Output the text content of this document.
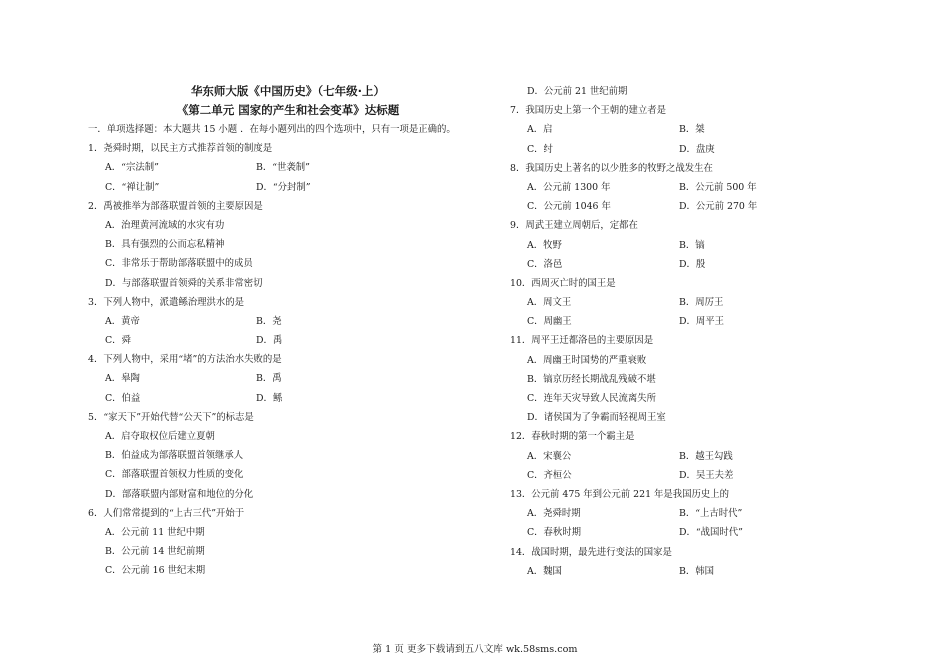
华东师大版《中国历史》（七年级·上）

《第二单元 国家的产生和社会变革》达标题

一．单项选择题：本大题共 15 小题 ．在每小题列出的四个选项中，只有一项是正确的。
1．尧舜时期，以民主方式推荐首领的制度是
A．“宗法制”	B．“世袭制”
C．“禅让制”	D．“分封制”
2．禹被推举为部落联盟首领的主要原因是
A．治理黄河流域的水灾有功
B．具有强烈的公而忘私精神
C．非常乐于帮助部落联盟中的成员
D．与部落联盟首领舜的关系非常密切
3．下列人物中，派遣鲧治理洪水的是
A．黄帝	B．尧
C．舜	D．禹
4．下列人物中，采用“堵”的方法治水失败的是
A．皋陶	B．禹
C．伯益	D．鲧
5．“家天下”开始代替“公天下”的标志是
A．启夺取权位后建立夏朝
B．伯益成为部落联盟首领继承人
C．部落联盟首领权力性质的变化
D．部落联盟内部财富和地位的分化
6．人们常常提到的“上古三代”开始于
A．公元前 11 世纪中期
B．公元前 14 世纪前期
C．公元前 16 世纪末期
D．公元前 21 世纪前期
7．我国历史上第一个王朝的建立者是
A．启	B．桀
C．纣	D．盘庚
8．我国历史上著名的以少胜多的牧野之战发生在
A．公元前 1300 年	B．公元前 500 年
C．公元前 1046 年	D．公元前 270 年
9．周武王建立周朝后，定都在
A．牧野	B．镐
C．洛邑	D．殷
10．西周灭亡时的国王是
A．周文王	B．周厉王
C．周幽王	D．周平王
11．周平王迁都洛邑的主要原因是
A．周幽王时国势的严重衰败
B．镐京历经长期战乱残破不堪
C．连年天灾导致人民流离失所
D．诸侯国为了争霸而轻视周王室
12．春秋时期的第一个霸主是
A．宋襄公	B．越王勾践
C．齐桓公	D．吴王夫差
13．公元前 475 年到公元前 221 年是我国历史上的
A．尧舜时期	B．“上古时代”
C．春秋时期	D．“战国时代”
14．战国时期，最先进行变法的国家是
A．魏国	B．韩国
第 1 页 更多下载请到五八文库 wk.58sms.com
